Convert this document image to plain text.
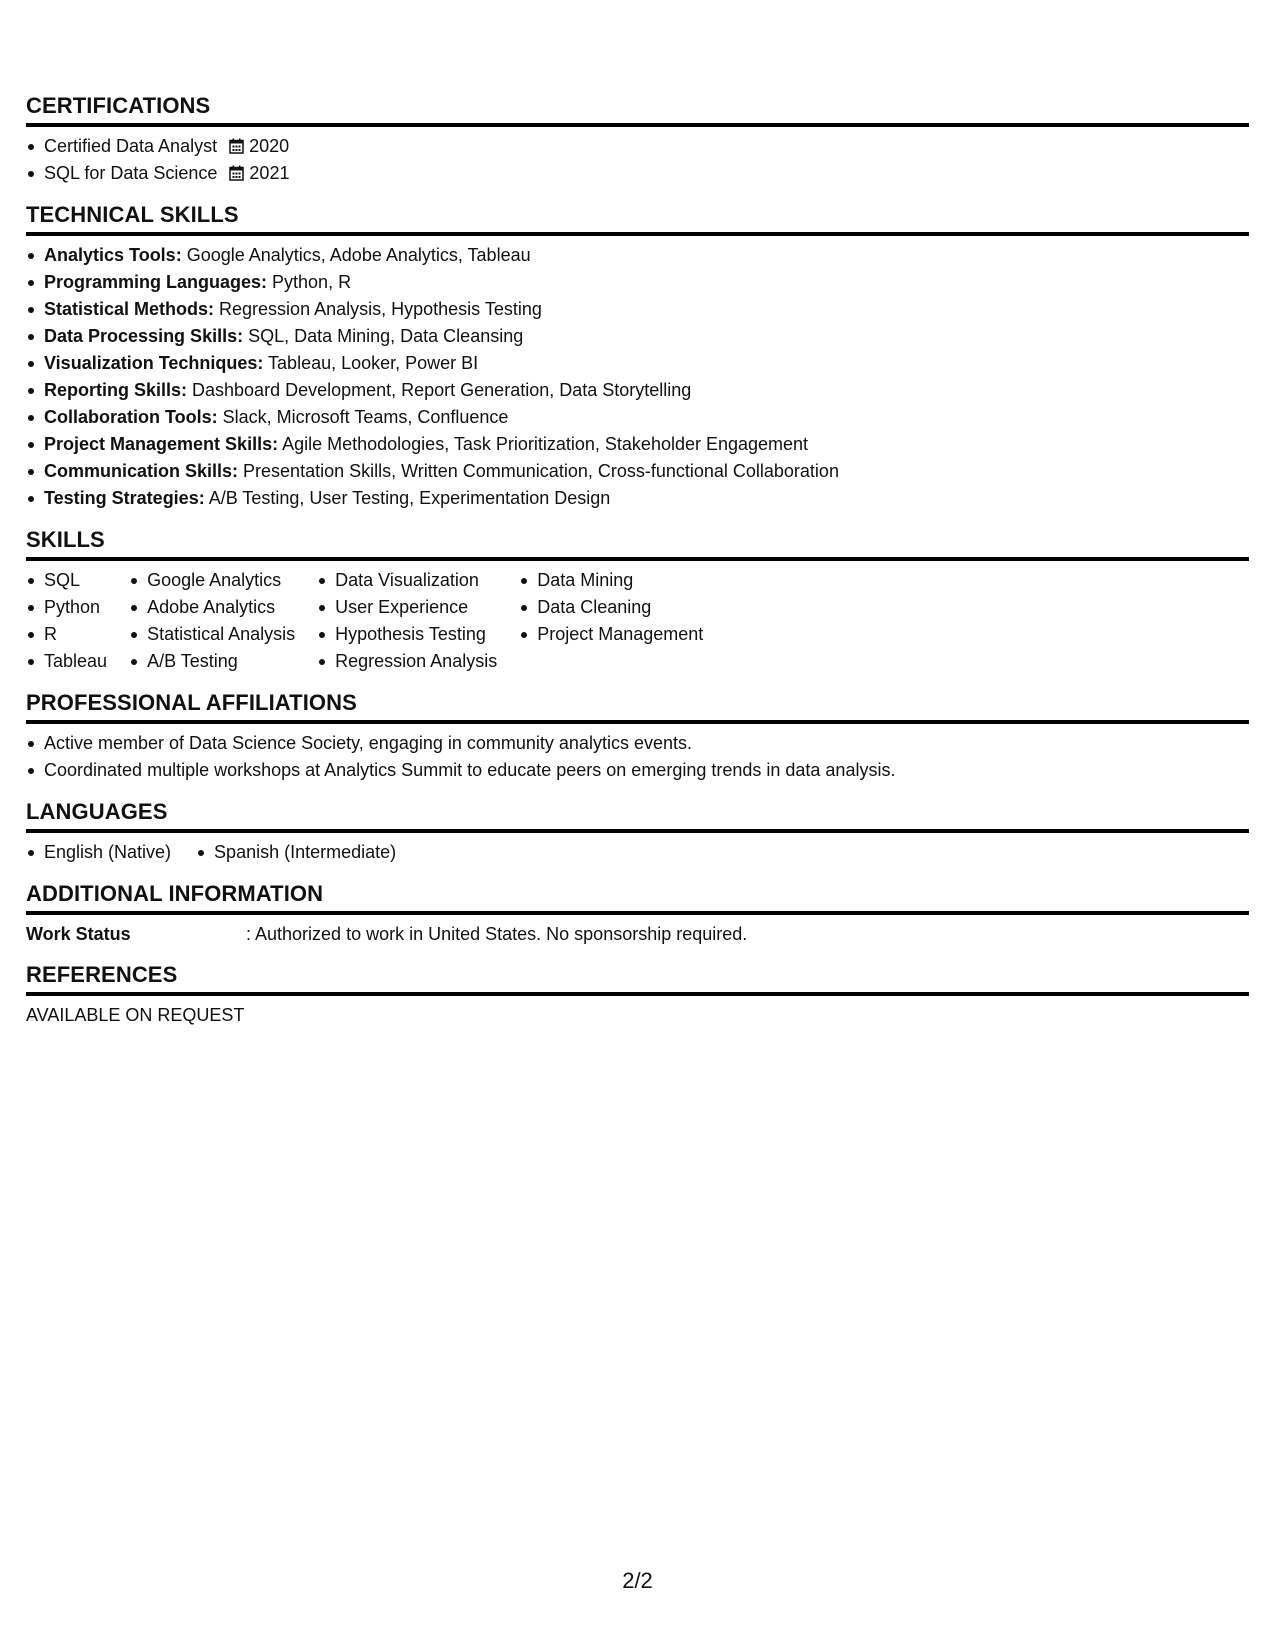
CERTIFICATIONS
Certified Data Analyst 2020
SQL for Data Science 2021
TECHNICAL SKILLS
Analytics Tools: Google Analytics, Adobe Analytics, Tableau
Programming Languages: Python, R
Statistical Methods: Regression Analysis, Hypothesis Testing
Data Processing Skills: SQL, Data Mining, Data Cleansing
Visualization Techniques: Tableau, Looker, Power BI
Reporting Skills: Dashboard Development, Report Generation, Data Storytelling
Collaboration Tools: Slack, Microsoft Teams, Confluence
Project Management Skills: Agile Methodologies, Task Prioritization, Stakeholder Engagement
Communication Skills: Presentation Skills, Written Communication, Cross-functional Collaboration
Testing Strategies: A/B Testing, User Testing, Experimentation Design
SKILLS
SQL
Python
R
Tableau
Google Analytics
Adobe Analytics
Statistical Analysis
A/B Testing
Data Visualization
User Experience
Hypothesis Testing
Regression Analysis
Data Mining
Data Cleaning
Project Management
PROFESSIONAL AFFILIATIONS
Active member of Data Science Society, engaging in community analytics events.
Coordinated multiple workshops at Analytics Summit to educate peers on emerging trends in data analysis.
LANGUAGES
English (Native)	Spanish (Intermediate)
ADDITIONAL INFORMATION
Work Status	: Authorized to work in United States. No sponsorship required.
REFERENCES
AVAILABLE ON REQUEST
2/2
